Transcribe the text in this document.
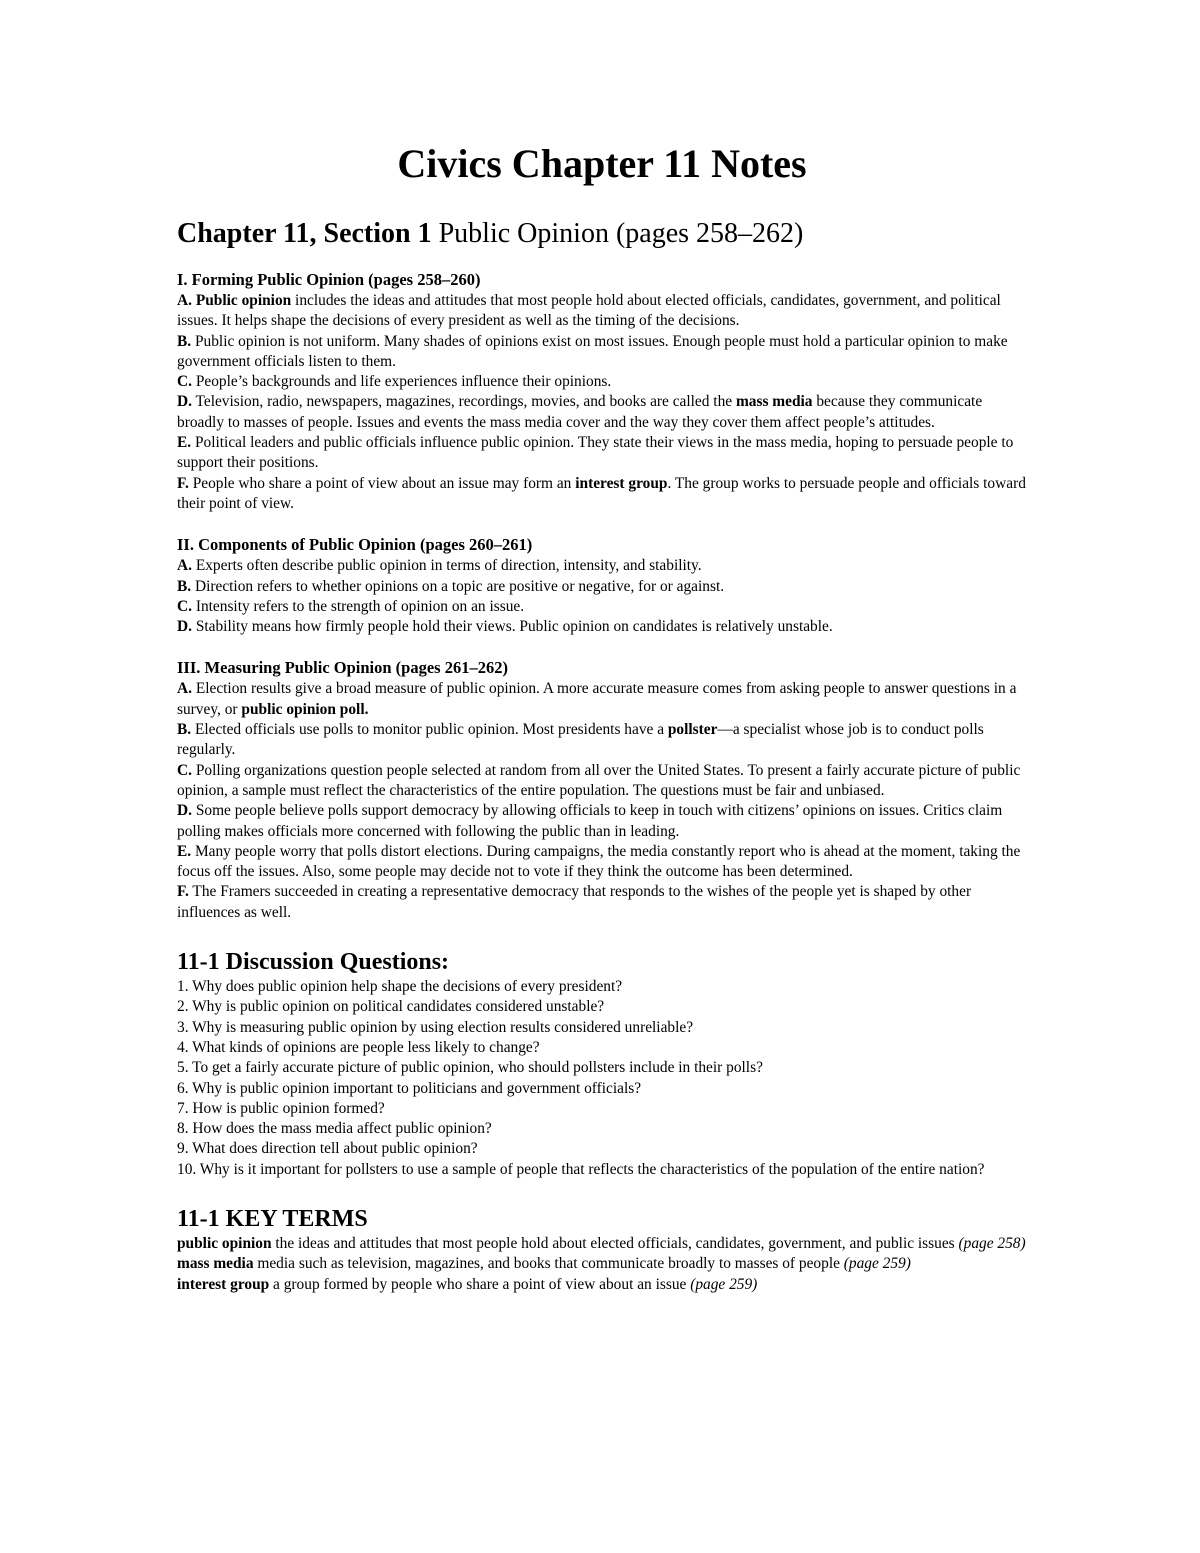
Civics Chapter 11 Notes
Chapter 11, Section 1 Public Opinion (pages 258–262)

I. Forming Public Opinion (pages 258–260)

A. Public opinion includes the ideas and attitudes that most people hold about elected officials, candidates, government, and political issues. It helps shape the decisions of every president as well as the timing of the decisions.

B. Public opinion is not uniform. Many shades of opinions exist on most issues. Enough people must hold a particular opinion to make government officials listen to them.

C. People’s backgrounds and life experiences influence their opinions.

D. Television, radio, newspapers, magazines, recordings, movies, and books are called the mass media because they communicate broadly to masses of people. Issues and events the mass media cover and the way they cover them affect people’s attitudes.

E. Political leaders and public officials influence public opinion. They state their views in the mass media, hoping to persuade people to support their positions.

F. People who share a point of view about an issue may form an interest group. The group works to persuade people and officials toward their point of view.

II. Components of Public Opinion (pages 260–261)

A. Experts often describe public opinion in terms of direction, intensity, and stability.

B. Direction refers to whether opinions on a topic are positive or negative, for or against.

C. Intensity refers to the strength of opinion on an issue.

D. Stability means how firmly people hold their views. Public opinion on candidates is relatively unstable.

III. Measuring Public Opinion (pages 261–262)

A. Election results give a broad measure of public opinion. A more accurate measure comes from asking people to answer questions in a survey, or public opinion poll.

B. Elected officials use polls to monitor public opinion. Most presidents have a pollster—a specialist whose job is to conduct polls regularly.

C. Polling organizations question people selected at random from all over the United States. To present a fairly accurate picture of public opinion, a sample must reflect the characteristics of the entire population. The questions must be fair and unbiased.

D. Some people believe polls support democracy by allowing officials to keep in touch with citizens’ opinions on issues. Critics claim polling makes officials more concerned with following the public than in leading.

E. Many people worry that polls distort elections. During campaigns, the media constantly report who is ahead at the moment, taking the focus off the issues. Also, some people may decide not to vote if they think the outcome has been determined.

F. The Framers succeeded in creating a representative democracy that responds to the wishes of the people yet is shaped by other influences as well.

11-1 Discussion Questions:

1. Why does public opinion help shape the decisions of every president?

2. Why is public opinion on political candidates considered unstable?

3. Why is measuring public opinion by using election results considered unreliable?

4. What kinds of opinions are people less likely to change?

5. To get a fairly accurate picture of public opinion, who should pollsters include in their polls?

6. Why is public opinion important to politicians and government officials?

7. How is public opinion formed?

8. How does the mass media affect public opinion?

9. What does direction tell about public opinion?

10. Why is it important for pollsters to use a sample of people that reflects the characteristics of the population of the entire nation?

11-1 KEY TERMS

public opinion the ideas and attitudes that most people hold about elected officials, candidates, government, and public issues (page 258)

mass media media such as television, magazines, and books that communicate broadly to masses of people (page 259)

interest group a group formed by people who share a point of view about an issue (page 259)
